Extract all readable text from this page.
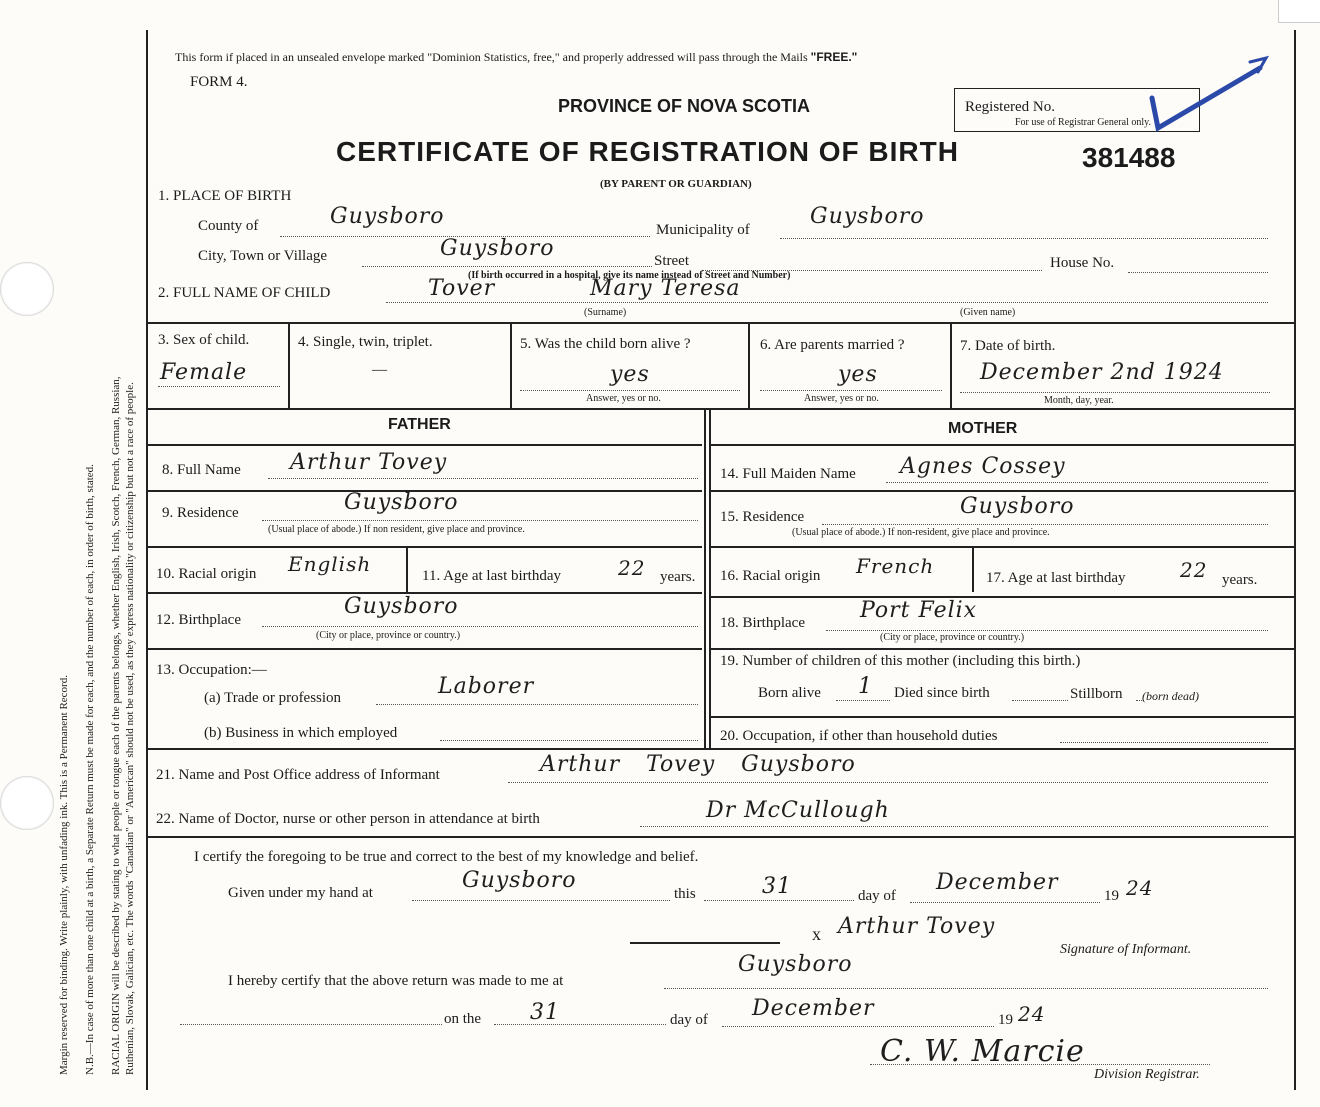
Margin reserved for binding. Write plainly, with unfading ink. This is a Permanent Record. N.B.—In case of more than one child at a birth, a Separate Return must be made for each, and the number of each, in order of birth, stated. RACIAL ORIGIN will be described by stating to what people or tongue each of the parents belongs, whether English, Irish, Scotch, French, German, Russian, Ruthenian, Slovak, Galician, etc. The words "Canadian" or "American" should not be used, as they express nationality or citizenship but not a race of people.
This form if placed in an unsealed envelope marked "Dominion Statistics, free," and properly addressed will pass through the Mails "FREE."
FORM 4.
PROVINCE OF NOVA SCOTIA
CERTIFICATE OF REGISTRATION OF BIRTH
(BY PARENT OR GUARDIAN)
Registered No.
For use of Registrar General only.
381488
1. PLACE OF BIRTH
County of	Guysboro
Municipality of
Guysboro
City, Town or Village	Guysboro	Street	House No.
(If birth occurred in a hospital, give its name instead of Street and Number)
2. FULL NAME OF CHILD	Tover	Mary Teresa
(Surname)	(Given name)
3. Sex of child.
Female
4. Single, twin, triplet.
—
5. Was the child born alive ?
yes
Answer, yes or no.
6. Are parents married ?
yes
Answer, yes or no.
7. Date of birth.
December 2nd 1924
Month, day, year.
FATHER
8. Full Name Arthur Tovey
9. Residence	Guysboro
(Usual place of abode.) If non resident, give place and province.
10. Racial origin English	11. Age at last birthday	22 years.
12. Birthplace
Guysboro
(City or place, province or country.)
13. Occupation:—
(a) Trade or profession	Laborer
(b) Business in which employed
MOTHER
14. Full Maiden Name Agnes Cossey
15. Residence	Guysboro
(Usual place of abode.) If non-resident, give place and province.
16. Racial origin French	17. Age at last birthday	22 years.
18. Birthplace	Port Felix
(City or place, province or country.)
19. Number of children of this mother (including this birth.)
Born alive 1 Died since birth	Stillborn (born dead)
20. Occupation, if other than household duties
21. Name and Post Office address of Informant	Arthur Tovey Guysboro
22. Name of Doctor, nurse or other person in attendance at birth	Dr McCullough
I certify the foregoing to be true and correct to the best of my knowledge and belief.
Given under my hand at	Guysboro
this	31	day of
December
19 24
x Arthur Tovey
Signature of Informant.
I hereby certify that the above return was made to me at
Guysboro
on the 31	day of December	19 24
C. W. Marcie
Division Registrar.
